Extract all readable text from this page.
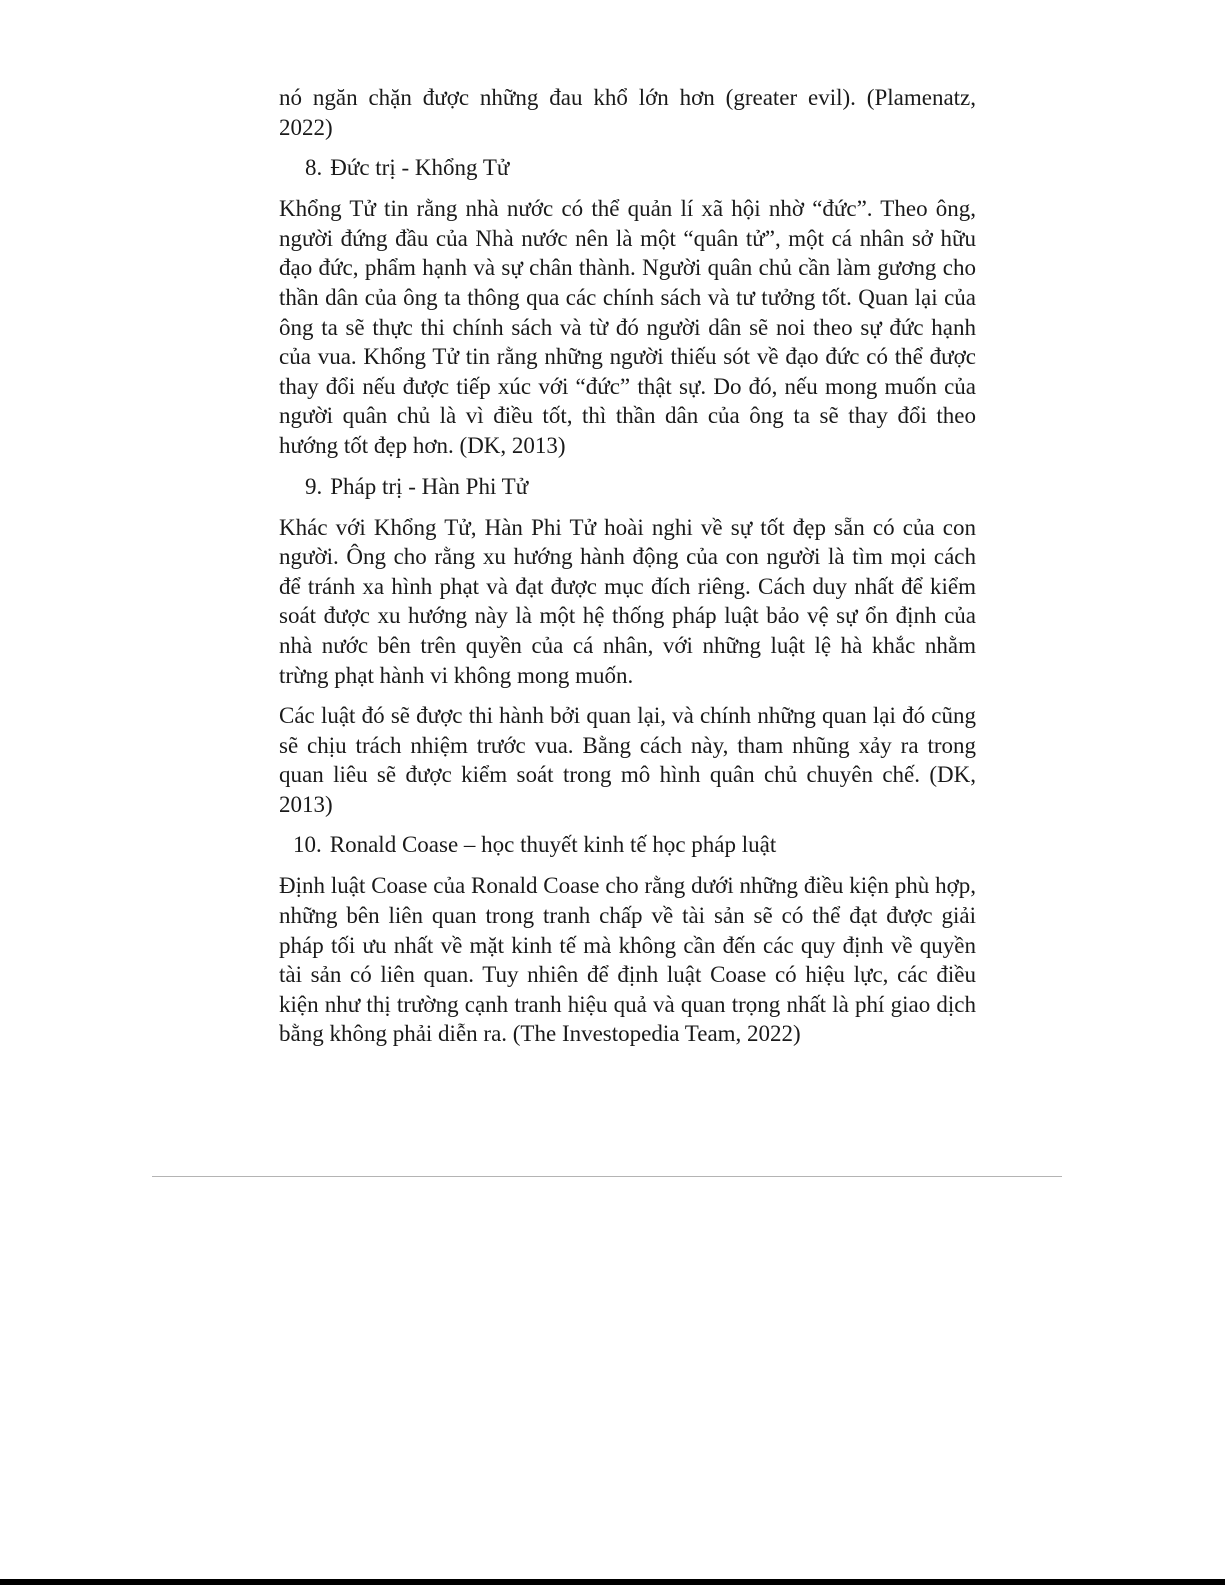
nó ngăn chặn được những đau khổ lớn hơn (greater evil). (Plamenatz, 2022)

8. Đức trị - Khổng Tử

Khổng Tử tin rằng nhà nước có thể quản lí xã hội nhờ “đức”. Theo ông, người đứng đầu của Nhà nước nên là một “quân tử”, một cá nhân sở hữu đạo đức, phẩm hạnh và sự chân thành. Người quân chủ cần làm gương cho thần dân của ông ta thông qua các chính sách và tư tưởng tốt. Quan lại của ông ta sẽ thực thi chính sách và từ đó người dân sẽ noi theo sự đức hạnh của vua. Khổng Tử tin rằng những người thiếu sót về đạo đức có thể được thay đổi nếu được tiếp xúc với “đức” thật sự. Do đó, nếu mong muốn của người quân chủ là vì điều tốt, thì thần dân của ông ta sẽ thay đổi theo hướng tốt đẹp hơn. (DK, 2013)

9. Pháp trị - Hàn Phi Tử

Khác với Khổng Tử, Hàn Phi Tử hoài nghi về sự tốt đẹp sẵn có của con người. Ông cho rằng xu hướng hành động của con người là tìm mọi cách để tránh xa hình phạt và đạt được mục đích riêng. Cách duy nhất để kiểm soát được xu hướng này là một hệ thống pháp luật bảo vệ sự ổn định của nhà nước bên trên quyền của cá nhân, với những luật lệ hà khắc nhằm trừng phạt hành vi không mong muốn.

Các luật đó sẽ được thi hành bởi quan lại, và chính những quan lại đó cũng sẽ chịu trách nhiệm trước vua. Bằng cách này, tham nhũng xảy ra trong quan liêu sẽ được kiểm soát trong mô hình quân chủ chuyên chế. (DK, 2013)

10. Ronald Coase – học thuyết kinh tế học pháp luật

Định luật Coase của Ronald Coase cho rằng dưới những điều kiện phù hợp, những bên liên quan trong tranh chấp về tài sản sẽ có thể đạt được giải pháp tối ưu nhất về mặt kinh tế mà không cần đến các quy định về quyền tài sản có liên quan. Tuy nhiên để định luật Coase có hiệu lực, các điều kiện như thị trường cạnh tranh hiệu quả và quan trọng nhất là phí giao dịch bằng không phải diễn ra. (The Investopedia Team, 2022)
